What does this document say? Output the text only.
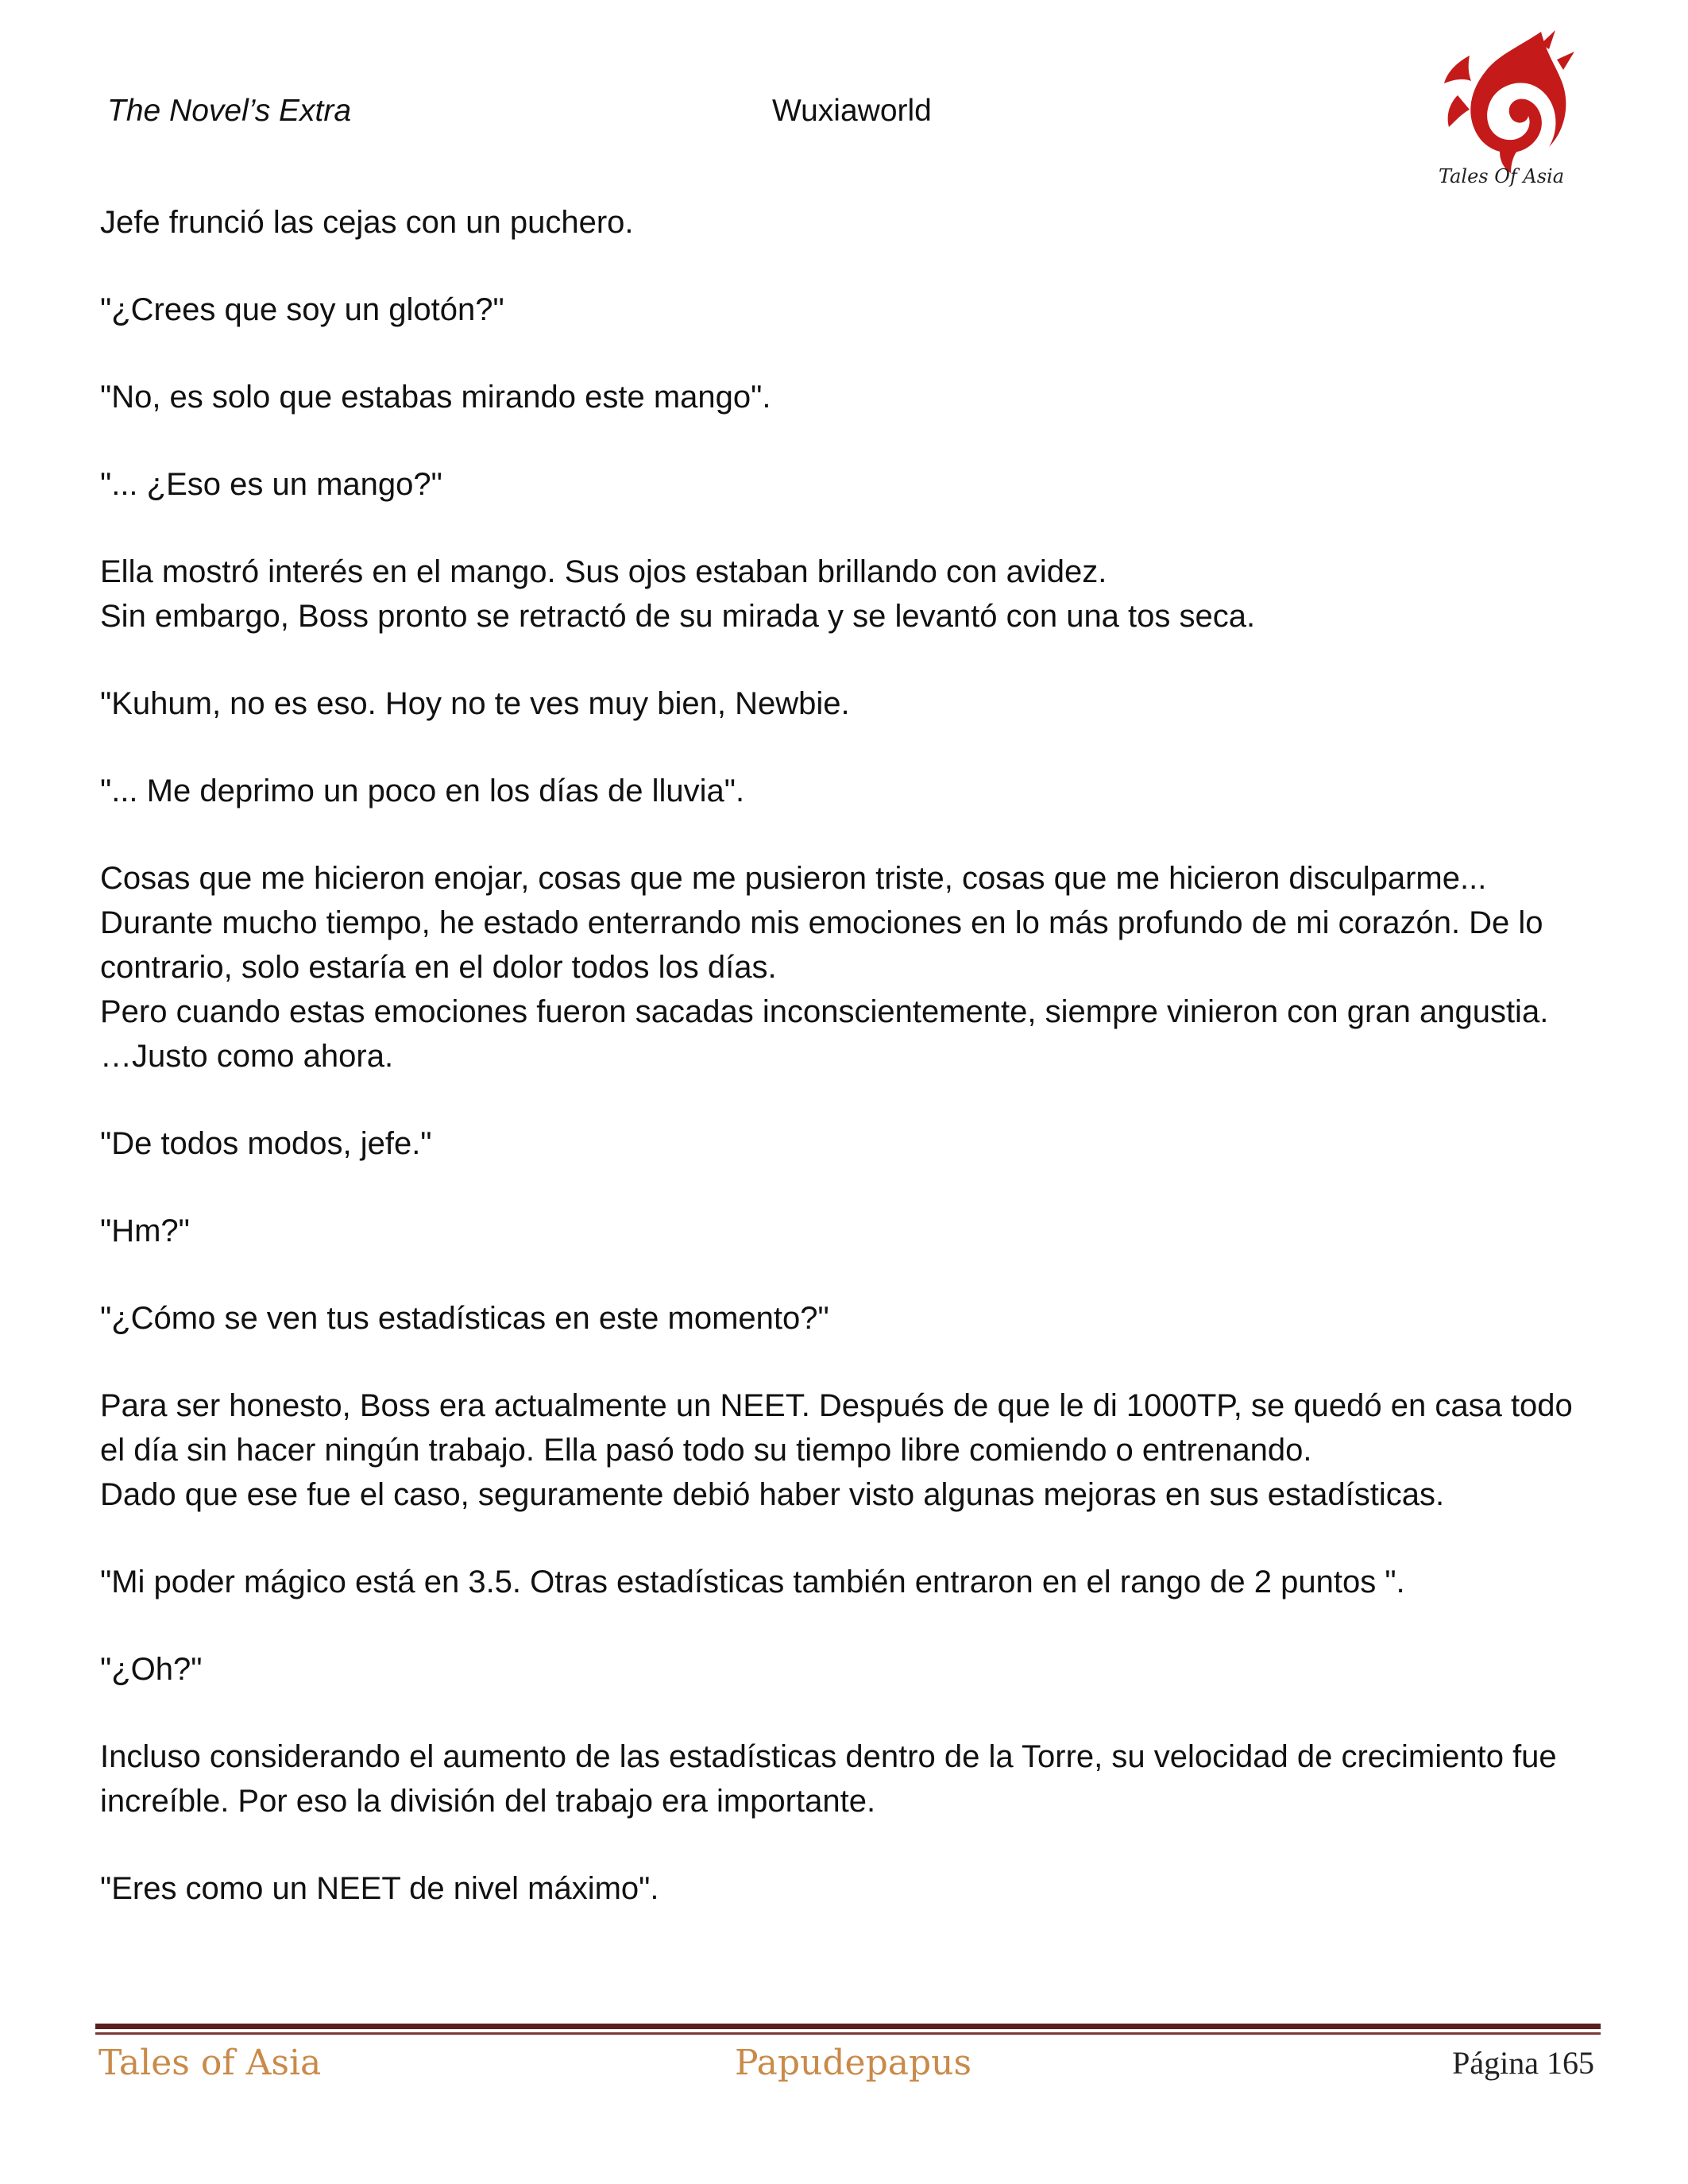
The Novel’s Extra	Wuxiaworld
Tales Of Asia

Jefe frunció las cejas con un puchero.

"¿Crees que soy un glotón?"

"No, es solo que estabas mirando este mango".

"... ¿Eso es un mango?"

Ella mostró interés en el mango. Sus ojos estaban brillando con avidez.

Sin embargo, Boss pronto se retractó de su mirada y se levantó con una tos seca.

"Kuhum, no es eso. Hoy no te ves muy bien, Newbie.

"... Me deprimo un poco en los días de lluvia".

Cosas que me hicieron enojar, cosas que me pusieron triste, cosas que me hicieron disculparme...

Durante mucho tiempo, he estado enterrando mis emociones en lo más profundo de mi corazón. De lo contrario, solo estaría en el dolor todos los días.

Pero cuando estas emociones fueron sacadas inconscientemente, siempre vinieron con gran angustia.

…Justo como ahora.

"De todos modos, jefe."

"Hm?"

"¿Cómo se ven tus estadísticas en este momento?"

Para ser honesto, Boss era actualmente un NEET. Después de que le di 1000TP, se quedó en casa todo el día sin hacer ningún trabajo. Ella pasó todo su tiempo libre comiendo o entrenando.

Dado que ese fue el caso, seguramente debió haber visto algunas mejoras en sus estadísticas.

"Mi poder mágico está en 3.5. Otras estadísticas también entraron en el rango de 2 puntos ".

"¿Oh?"

Incluso considerando el aumento de las estadísticas dentro de la Torre, su velocidad de crecimiento fue increíble. Por eso la división del trabajo era importante.

"Eres como un NEET de nivel máximo".

Tales of Asia	Papudepapus	Página 165
